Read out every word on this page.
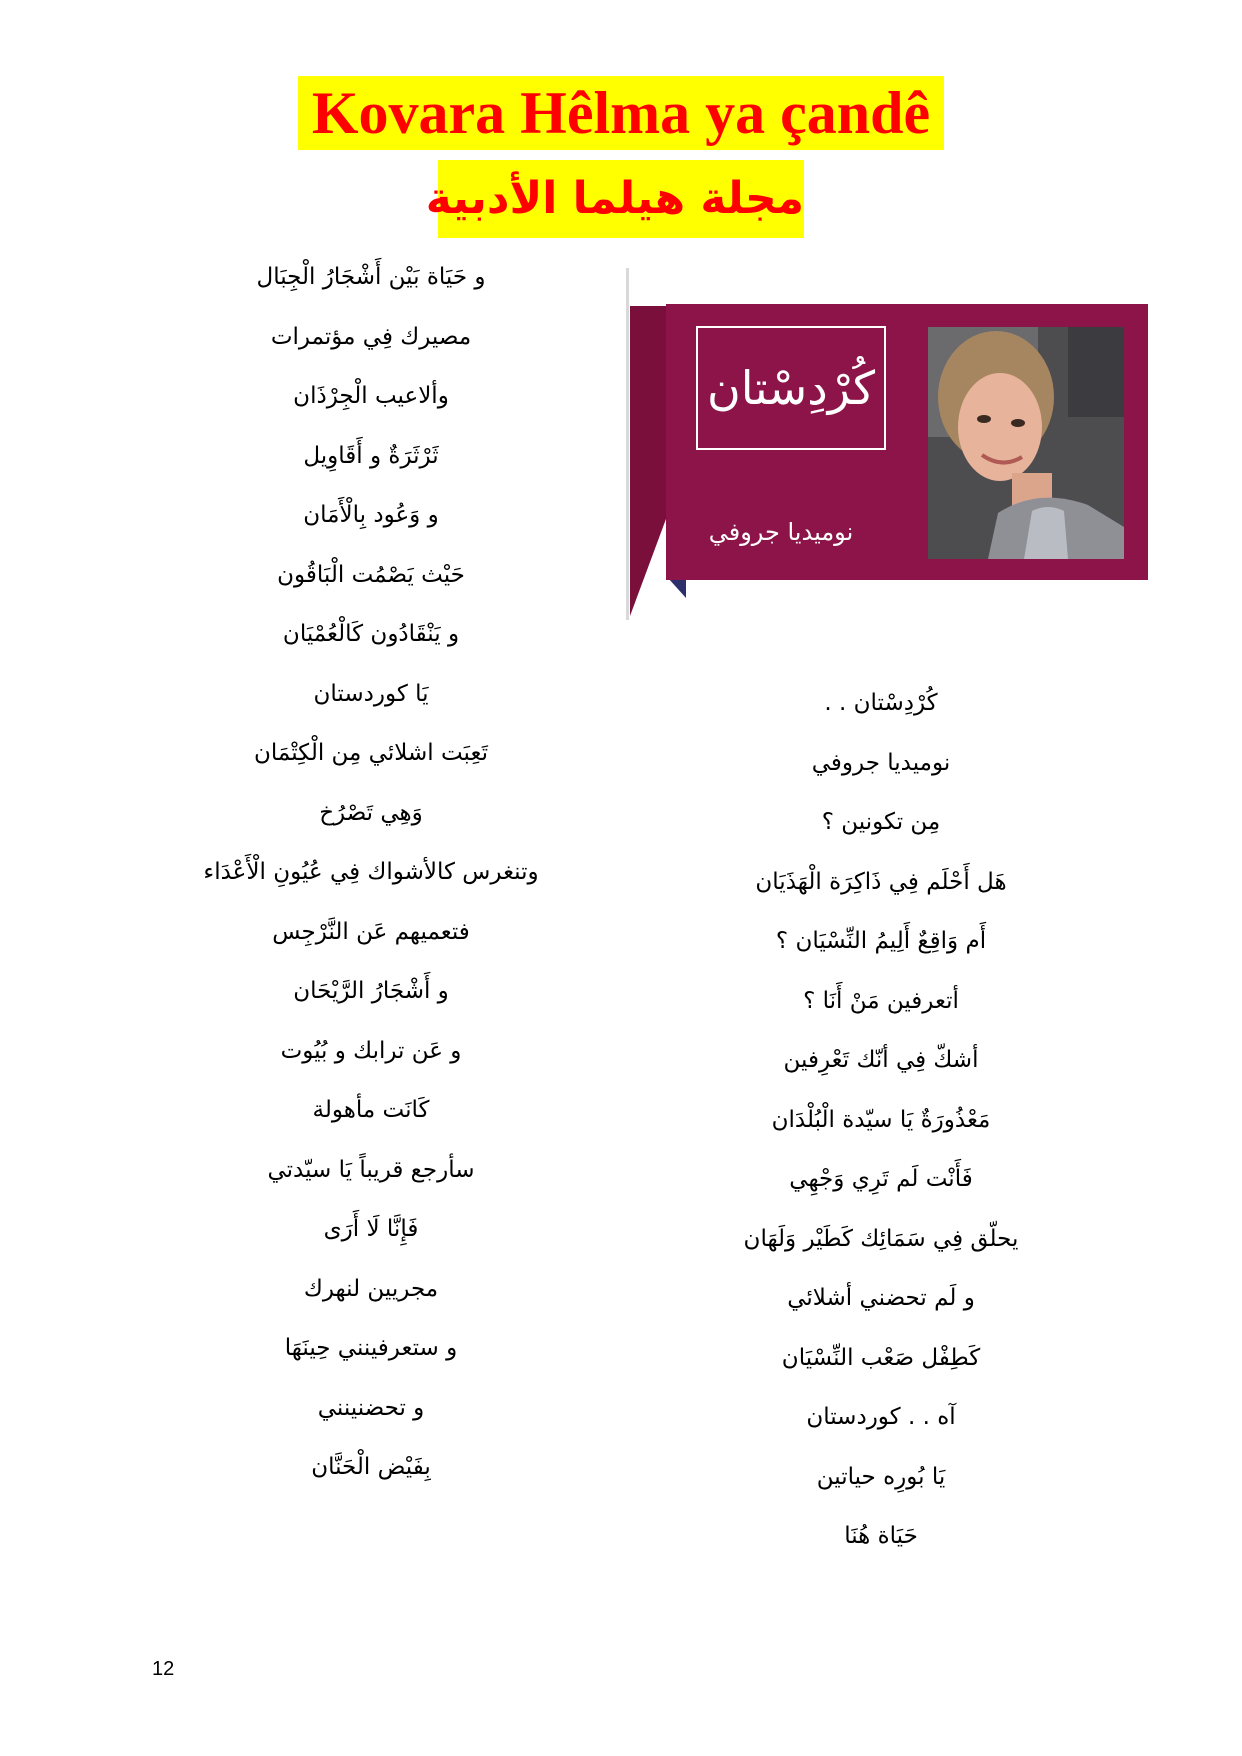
Kovara Hêlma ya çandê
مجلة هيلما الأدبية
و حَيَاة بَيْن أَشْجَارُ الْجِبَال
مصيرك فِي مؤتمرات
وألاعيب الْجِرْذَان
ثَرْثَرَةٌ و أَقَاوِيل
و وَعُود بِالْأَمَان
حَيْث يَصْمُت الْبَاقُون
و يَنْقَادُون كَالْعُمْيَان
يَا كوردستان
تَعِبَت اشلائي مِن الْكِتْمَان
وَهِي تَصْرُخ
وتنغرس كالأشواك فِي عُيُونِ الْأَعْدَاء
فتعميهم عَن النَّرْجِس
و أَشْجَارُ الرَّيْحَان
و عَن ترابك و بُيُوت
كَانَت مأهولة
سأرجع قريباً يَا سيّدتي
فَإِنَّا لَا أَرَى
مجريين لنهرك
و ستعرفينني حِينَهَا
و تحضنينني
بِفَيْض الْحَنَّان
كُرْدِسْتان
نوميديا جروفي
كُرْدِسْتان . .
نوميديا جروفي
مِن تكونين ؟
هَل أَحْلَم فِي ذَاكِرَة الْهَذَيَان
أَم وَاقِعٌ أَلِيمُ النِّسْيَان ؟
أتعرفين مَنْ أَنَا ؟
أشكّ فِي أنّك تَعْرِفين
مَعْذُورَةٌ يَا سيّدة الْبُلْدَان
فَأَنْت لَم تَرِي وَجْهِي
يحلّق فِي سَمَائِك كَطَيْر وَلَهَان
و لَم تحضني أشلائي
كَطِفْل صَعْب النِّسْيَان
آه . . كوردستان
يَا بُورِه حياتين
حَيَاة هُنَا
12
